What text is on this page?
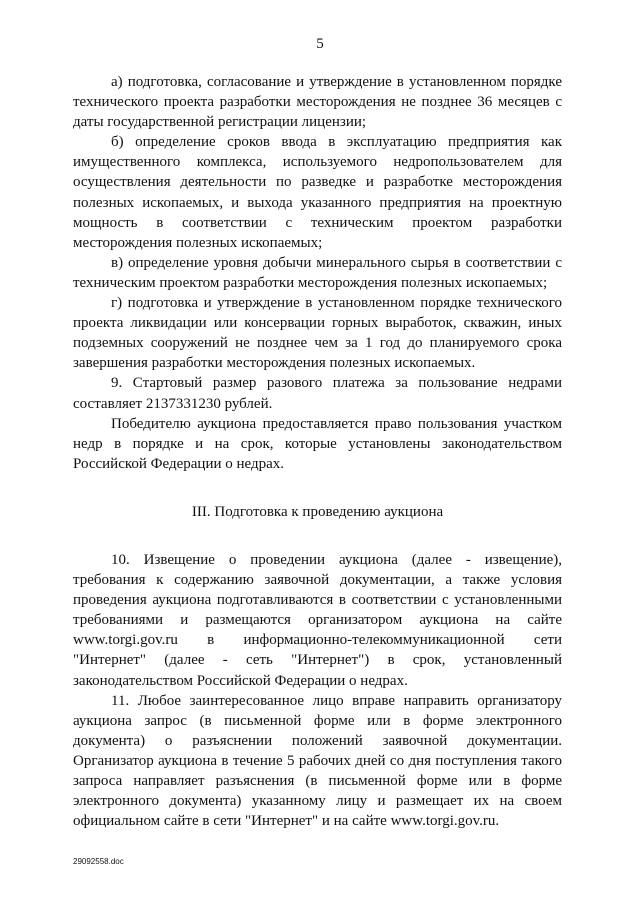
5

а) подготовка, согласование и утверждение в установленном порядке технического проекта разработки месторождения не позднее 36 месяцев с даты государственной регистрации лицензии;

б) определение сроков ввода в эксплуатацию предприятия как имущественного комплекса, используемого недропользователем для осуществления деятельности по разведке и разработке месторождения полезных ископаемых, и выхода указанного предприятия на проектную мощность в соответствии с техническим проектом разработки месторождения полезных ископаемых;

в) определение уровня добычи минерального сырья в соответствии с техническим проектом разработки месторождения полезных ископаемых;

г) подготовка и утверждение в установленном порядке технического проекта ликвидации или консервации горных выработок, скважин, иных подземных сооружений не позднее чем за 1 год до планируемого срока завершения разработки месторождения полезных ископаемых.

9. Стартовый размер разового платежа за пользование недрами составляет 2137331230 рублей.

Победителю аукциона предоставляется право пользования участком недр в порядке и на срок, которые установлены законодательством Российской Федерации о недрах.

III. Подготовка к проведению аукциона

10. Извещение о проведении аукциона (далее - извещение), требования к содержанию заявочной документации, а также условия проведения аукциона подготавливаются в соответствии с установленными требованиями и размещаются организатором аукциона на сайте www.torgi.gov.ru в информационно-телекоммуникационной сети "Интернет" (далее - сеть "Интернет") в срок, установленный законодательством Российской Федерации о недрах.

11. Любое заинтересованное лицо вправе направить организатору аукциона запрос (в письменной форме или в форме электронного документа) о разъяснении положений заявочной документации. Организатор аукциона в течение 5 рабочих дней со дня поступления такого запроса направляет разъяснения (в письменной форме или в форме электронного документа) указанному лицу и размещает их на своем официальном сайте в сети "Интернет" и на сайте www.torgi.gov.ru.

29092558.doc
